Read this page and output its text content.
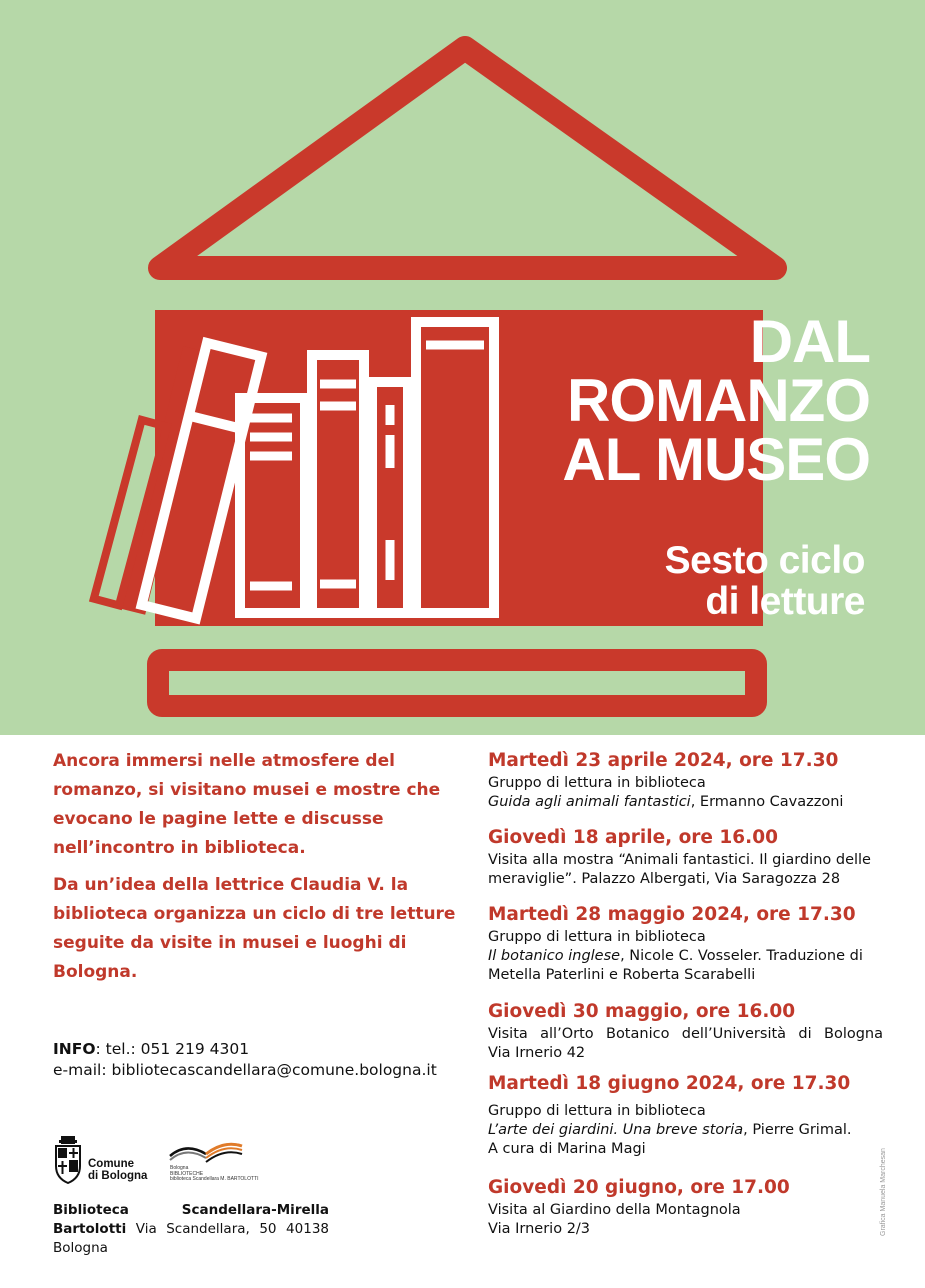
DAL
ROMANZO
AL MUSEO
Sesto ciclo
di letture

Ancora immersi nelle atmosfere del romanzo, si visitano musei e mostre che evocano le pagine lette e discusse nell’incontro in biblioteca.

Da un’idea della lettrice Claudia V. la biblioteca organizza un ciclo di tre letture seguite da visite in musei e luoghi di Bologna.

INFO: tel.: 051 219 4301
e-mail: bibliotecascandellara@comune.bologna.it
Comune
di Bologna
Bologna
BIBLIOTECHE
biblioteca Scandellara M. BARTOLOTTI
Biblioteca Scandellara-Mirella Bartolotti Via Scandellara, 50 40138 Bologna
Martedì 23 aprile 2024, ore 17.30
Gruppo di lettura in biblioteca
Guida agli animali fantastici, Ermanno Cavazzoni
Giovedì 18 aprile, ore 16.00
Visita alla mostra “Animali fantastici. Il giardino delle meraviglie”. Palazzo Albergati, Via Saragozza 28
Martedì 28 maggio 2024, ore 17.30
Gruppo di lettura in biblioteca
Il botanico inglese, Nicole C. Vosseler. Traduzione di Metella Paterlini e Roberta Scarabelli
Giovedì 30 maggio, ore 16.00
Visita all’Orto Botanico dell’Università di Bologna
Via Irnerio 42
Martedì 18 giugno 2024, ore 17.30
Gruppo di lettura in biblioteca
L’arte dei giardini. Una breve storia, Pierre Grimal.
A cura di Marina Magi
Giovedì 20 giugno, ore 17.00
Visita al Giardino della Montagnola
Via Irnerio 2/3	Grafica Manuela Marchesan
